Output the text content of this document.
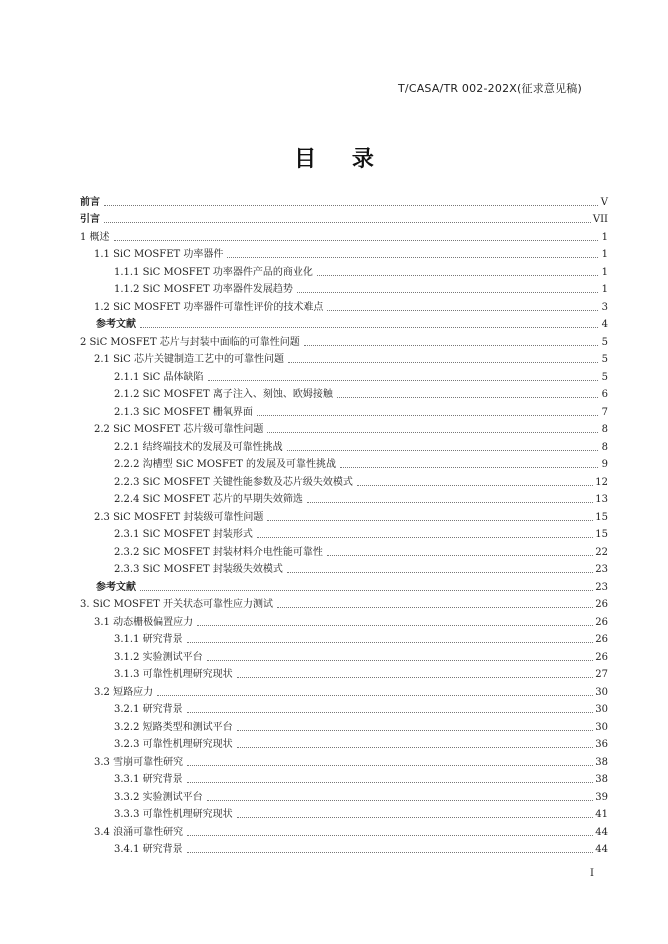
T/CASA/TR 002-202X(征求意见稿)
目 录
前言	V
引言	VII
1 概述	1
1.1 SiC MOSFET 功率器件	1
1.1.1 SiC MOSFET 功率器件产品的商业化	1
1.1.2 SiC MOSFET 功率器件发展趋势	1
1.2 SiC MOSFET 功率器件可靠性评价的技术难点	3
参考文献	4
2 SiC MOSFET 芯片与封装中面临的可靠性问题	5
2.1 SiC 芯片关键制造工艺中的可靠性问题	5
2.1.1 SiC 晶体缺陷	5
2.1.2 SiC MOSFET 离子注入、刻蚀、欧姆接触	6
2.1.3 SiC MOSFET 栅氧界面	7
2.2 SiC MOSFET 芯片级可靠性问题	8
2.2.1 结终端技术的发展及可靠性挑战	8
2.2.2 沟槽型 SiC MOSFET 的发展及可靠性挑战	9
2.2.3 SiC MOSFET 关键性能参数及芯片级失效模式	12
2.2.4 SiC MOSFET 芯片的早期失效筛选	13
2.3 SiC MOSFET 封装级可靠性问题	15
2.3.1 SiC MOSFET 封装形式	15
2.3.2 SiC MOSFET 封装材料介电性能可靠性	22
2.3.3 SiC MOSFET 封装级失效模式	23
参考文献	23
3. SiC MOSFET 开关状态可靠性应力测试	26
3.1 动态栅极偏置应力	26
3.1.1 研究背景	26
3.1.2 实验测试平台	26
3.1.3 可靠性机理研究现状	27
3.2 短路应力	30
3.2.1 研究背景	30
3.2.2 短路类型和测试平台	30
3.2.3 可靠性机理研究现状	36
3.3 雪崩可靠性研究	38
3.3.1 研究背景	38
3.3.2 实验测试平台	39
3.3.3 可靠性机理研究现状	41
3.4 浪涌可靠性研究	44
3.4.1 研究背景	44
I
